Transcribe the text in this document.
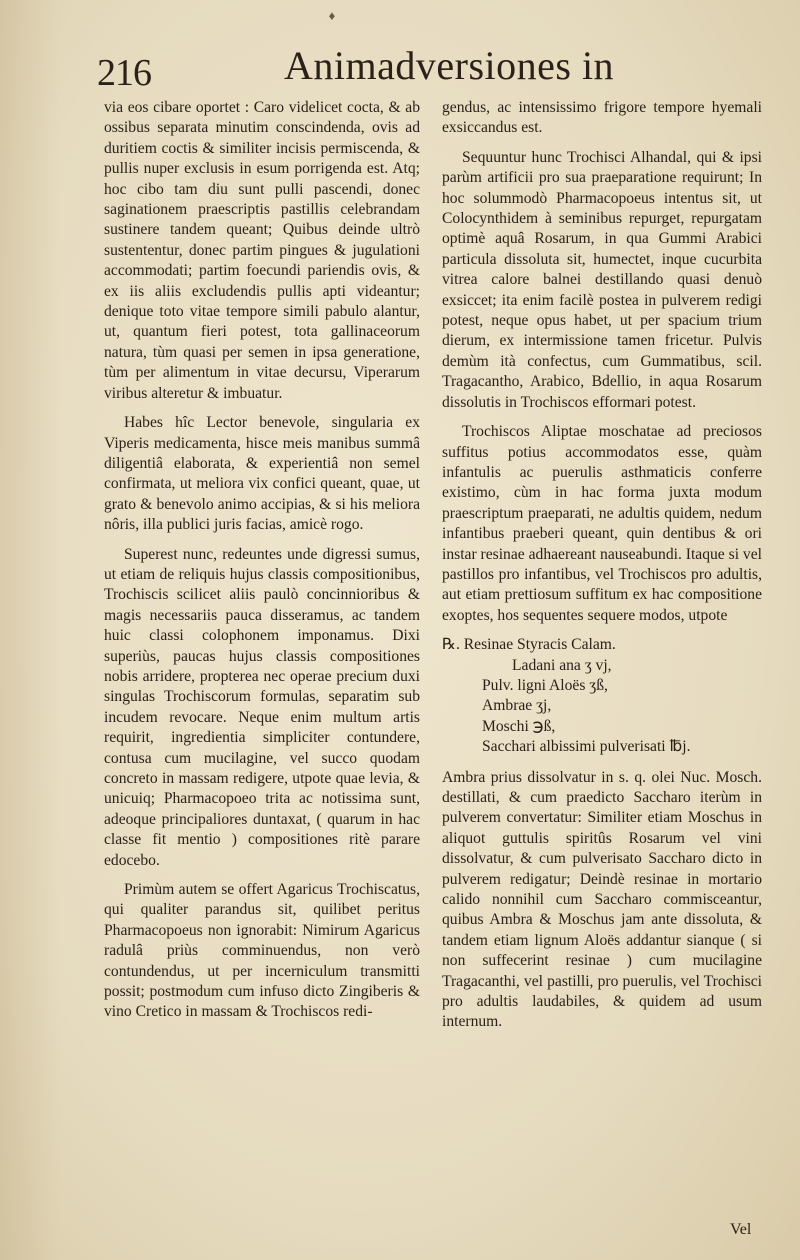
♦
216	Animadversiones in

via eos cibare oportet : Caro videlicet cocta, & ab ossibus separata minutim conscindenda, ovis ad duritiem coctis & similiter incisis permiscenda, & pullis nuper exclusis in esum porrigenda est. Atq; hoc cibo tam diu sunt pulli pascendi, donec saginationem praescriptis pastillis celebrandam sustinere tandem queant; Quibus deinde ultrò sustententur, donec partim pingues & jugulationi accommodati; partim foecundi pariendis ovis, & ex iis aliis excludendis pullis apti videantur; denique toto vitae tempore simili pabulo alantur, ut, quantum fieri potest, tota gallinaceorum natura, tùm quasi per semen in ipsa generatione, tùm per alimentum in vitae decursu, Viperarum viribus alteretur & imbuatur.

Habes hîc Lector benevole, singularia ex Viperis medicamenta, hisce meis manibus summâ diligentiâ elaborata, & experientiâ non semel confirmata, ut meliora vix confici queant, quae, ut grato & benevolo animo accipias, & si his meliora nôris, illa publici juris facias, amicè rogo.

Superest nunc, redeuntes unde digressi sumus, ut etiam de reliquis hujus classis compositionibus, Trochiscis scilicet aliis paulò concinnioribus & magis necessariis pauca disseramus, ac tandem huic classi colophonem imponamus. Dixi superiùs, paucas hujus classis compositiones nobis arridere, propterea nec operae precium duxi singulas Trochiscorum formulas, separatim sub incudem revocare. Neque enim multum artis requirit, ingredientia simpliciter contundere, contusa cum mucilagine, vel succo quodam concreto in massam redigere, utpote quae levia, & unicuiq; Pharmacopoeo trita ac notissima sunt, adeoque principaliores duntaxat, ( quarum in hac classe fit mentio ) compositiones ritè parare edocebo.

Primùm autem se offert Agaricus Trochiscatus, qui qualiter parandus sit, quilibet peritus Pharmacopoeus non ignorabit: Nimirum Agaricus radulâ priùs comminuendus, non verò contundendus, ut per incerniculum transmitti possit; postmodum cum infuso dicto Zingiberis & vino Cretico in massam & Trochiscos redi-

gendus, ac intensissimo frigore tempore hyemali exsiccandus est.

Sequuntur hunc Trochisci Alhandal, qui & ipsi parùm artificii pro sua praeparatione requirunt; In hoc solummodò Pharmacopoeus intentus sit, ut Colocynthidem à seminibus repurget, repurgatam optimè aquâ Rosarum, in qua Gummi Arabici particula dissoluta sit, humectet, inque cucurbita vitrea calore balnei destillando quasi denuò exsiccet; ita enim facilè postea in pulverem redigi potest, neque opus habet, ut per spacium trium dierum, ex intermissione tamen fricetur. Pulvis demùm ità confectus, cum Gummatibus, scil. Tragacantho, Arabico, Bdellio, in aqua Rosarum dissolutis in Trochiscos efformari potest.

Trochiscos Aliptae moschatae ad preciosos suffitus potius accommodatos esse, quàm infantulis ac puerulis asthmaticis conferre existimo, cùm in hac forma juxta modum praescriptum praeparati, ne adultis quidem, nedum infantibus praeberi queant, quin dentibus & ori instar resinae adhaereant nauseabundi. Itaque si vel pastillos pro infantibus, vel Trochiscos pro adultis, aut etiam prettiosum suffitum ex hac compositione exoptes, hos sequentes sequere modos, utpote

℞. Resinae Styracis Calam.
Ladani ana ʒ vj,
Pulv. ligni Aloës ʒß,
Ambrae ʒj,
Moschi ℈ß,
Sacchari albissimi pulverisati ℔j.

Ambra prius dissolvatur in s. q. olei Nuc. Mosch. destillati, & cum praedicto Saccharo iterùm in pulverem convertatur: Similiter etiam Moschus in aliquot guttulis spiritûs Rosarum vel vini dissolvatur, & cum pulverisato Saccharo dicto in pulverem redigatur; Deindè resinae in mortario calido nonnihil cum Saccharo commisceantur, quibus Ambra & Moschus jam ante dissoluta, & tandem etiam lignum Aloës addantur sianque ( si non suffecerint resinae ) cum mucilagine Tragacanthi, vel pastilli, pro puerulis, vel Trochisci pro adultis laudabiles, & quidem ad usum internum.

Vel
